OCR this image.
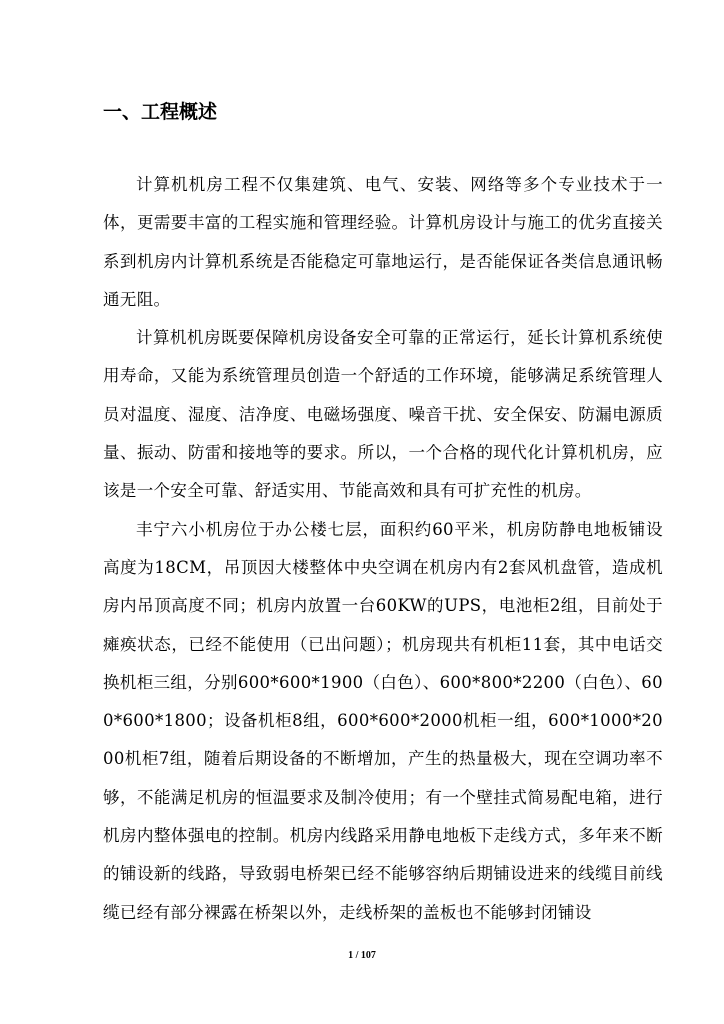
一、工程概述

计算机机房工程不仅集建筑、电气、安装、网络等多个专业技术于一体，更需要丰富的工程实施和管理经验。计算机房设计与施工的优劣直接关系到机房内计算机系统是否能稳定可靠地运行，是否能保证各类信息通讯畅通无阻。

计算机机房既要保障机房设备安全可靠的正常运行，延长计算机系统使用寿命，又能为系统管理员创造一个舒适的工作环境，能够满足系统管理人员对温度、湿度、洁净度、电磁场强度、噪音干扰、安全保安、防漏电源质量、振动、防雷和接地等的要求。所以，一个合格的现代化计算机机房，应该是一个安全可靠、舒适实用、节能高效和具有可扩充性的机房。

丰宁六小机房位于办公楼七层，面积约60平米，机房防静电地板铺设高度为18CM，吊顶因大楼整体中央空调在机房内有2套风机盘管，造成机房内吊顶高度不同；机房内放置一台60KW的UPS，电池柜2组，目前处于瘫痪状态，已经不能使用（已出问题）；机房现共有机柜11套，其中电话交换机柜三组，分别600*600*1900（白色）、600*800*2200（白色）、600*600*1800；设备机柜8组，600*600*2000机柜一组，600*1000*2000机柜7组，随着后期设备的不断增加，产生的热量极大，现在空调功率不够，不能满足机房的恒温要求及制冷使用；有一个壁挂式简易配电箱，进行机房内整体强电的控制。机房内线路采用静电地板下走线方式，多年来不断的铺设新的线路，导致弱电桥架已经不能够容纳后期铺设进来的线缆目前线缆已经有部分裸露在桥架以外，走线桥架的盖板也不能够封闭铺设

1 / 107
